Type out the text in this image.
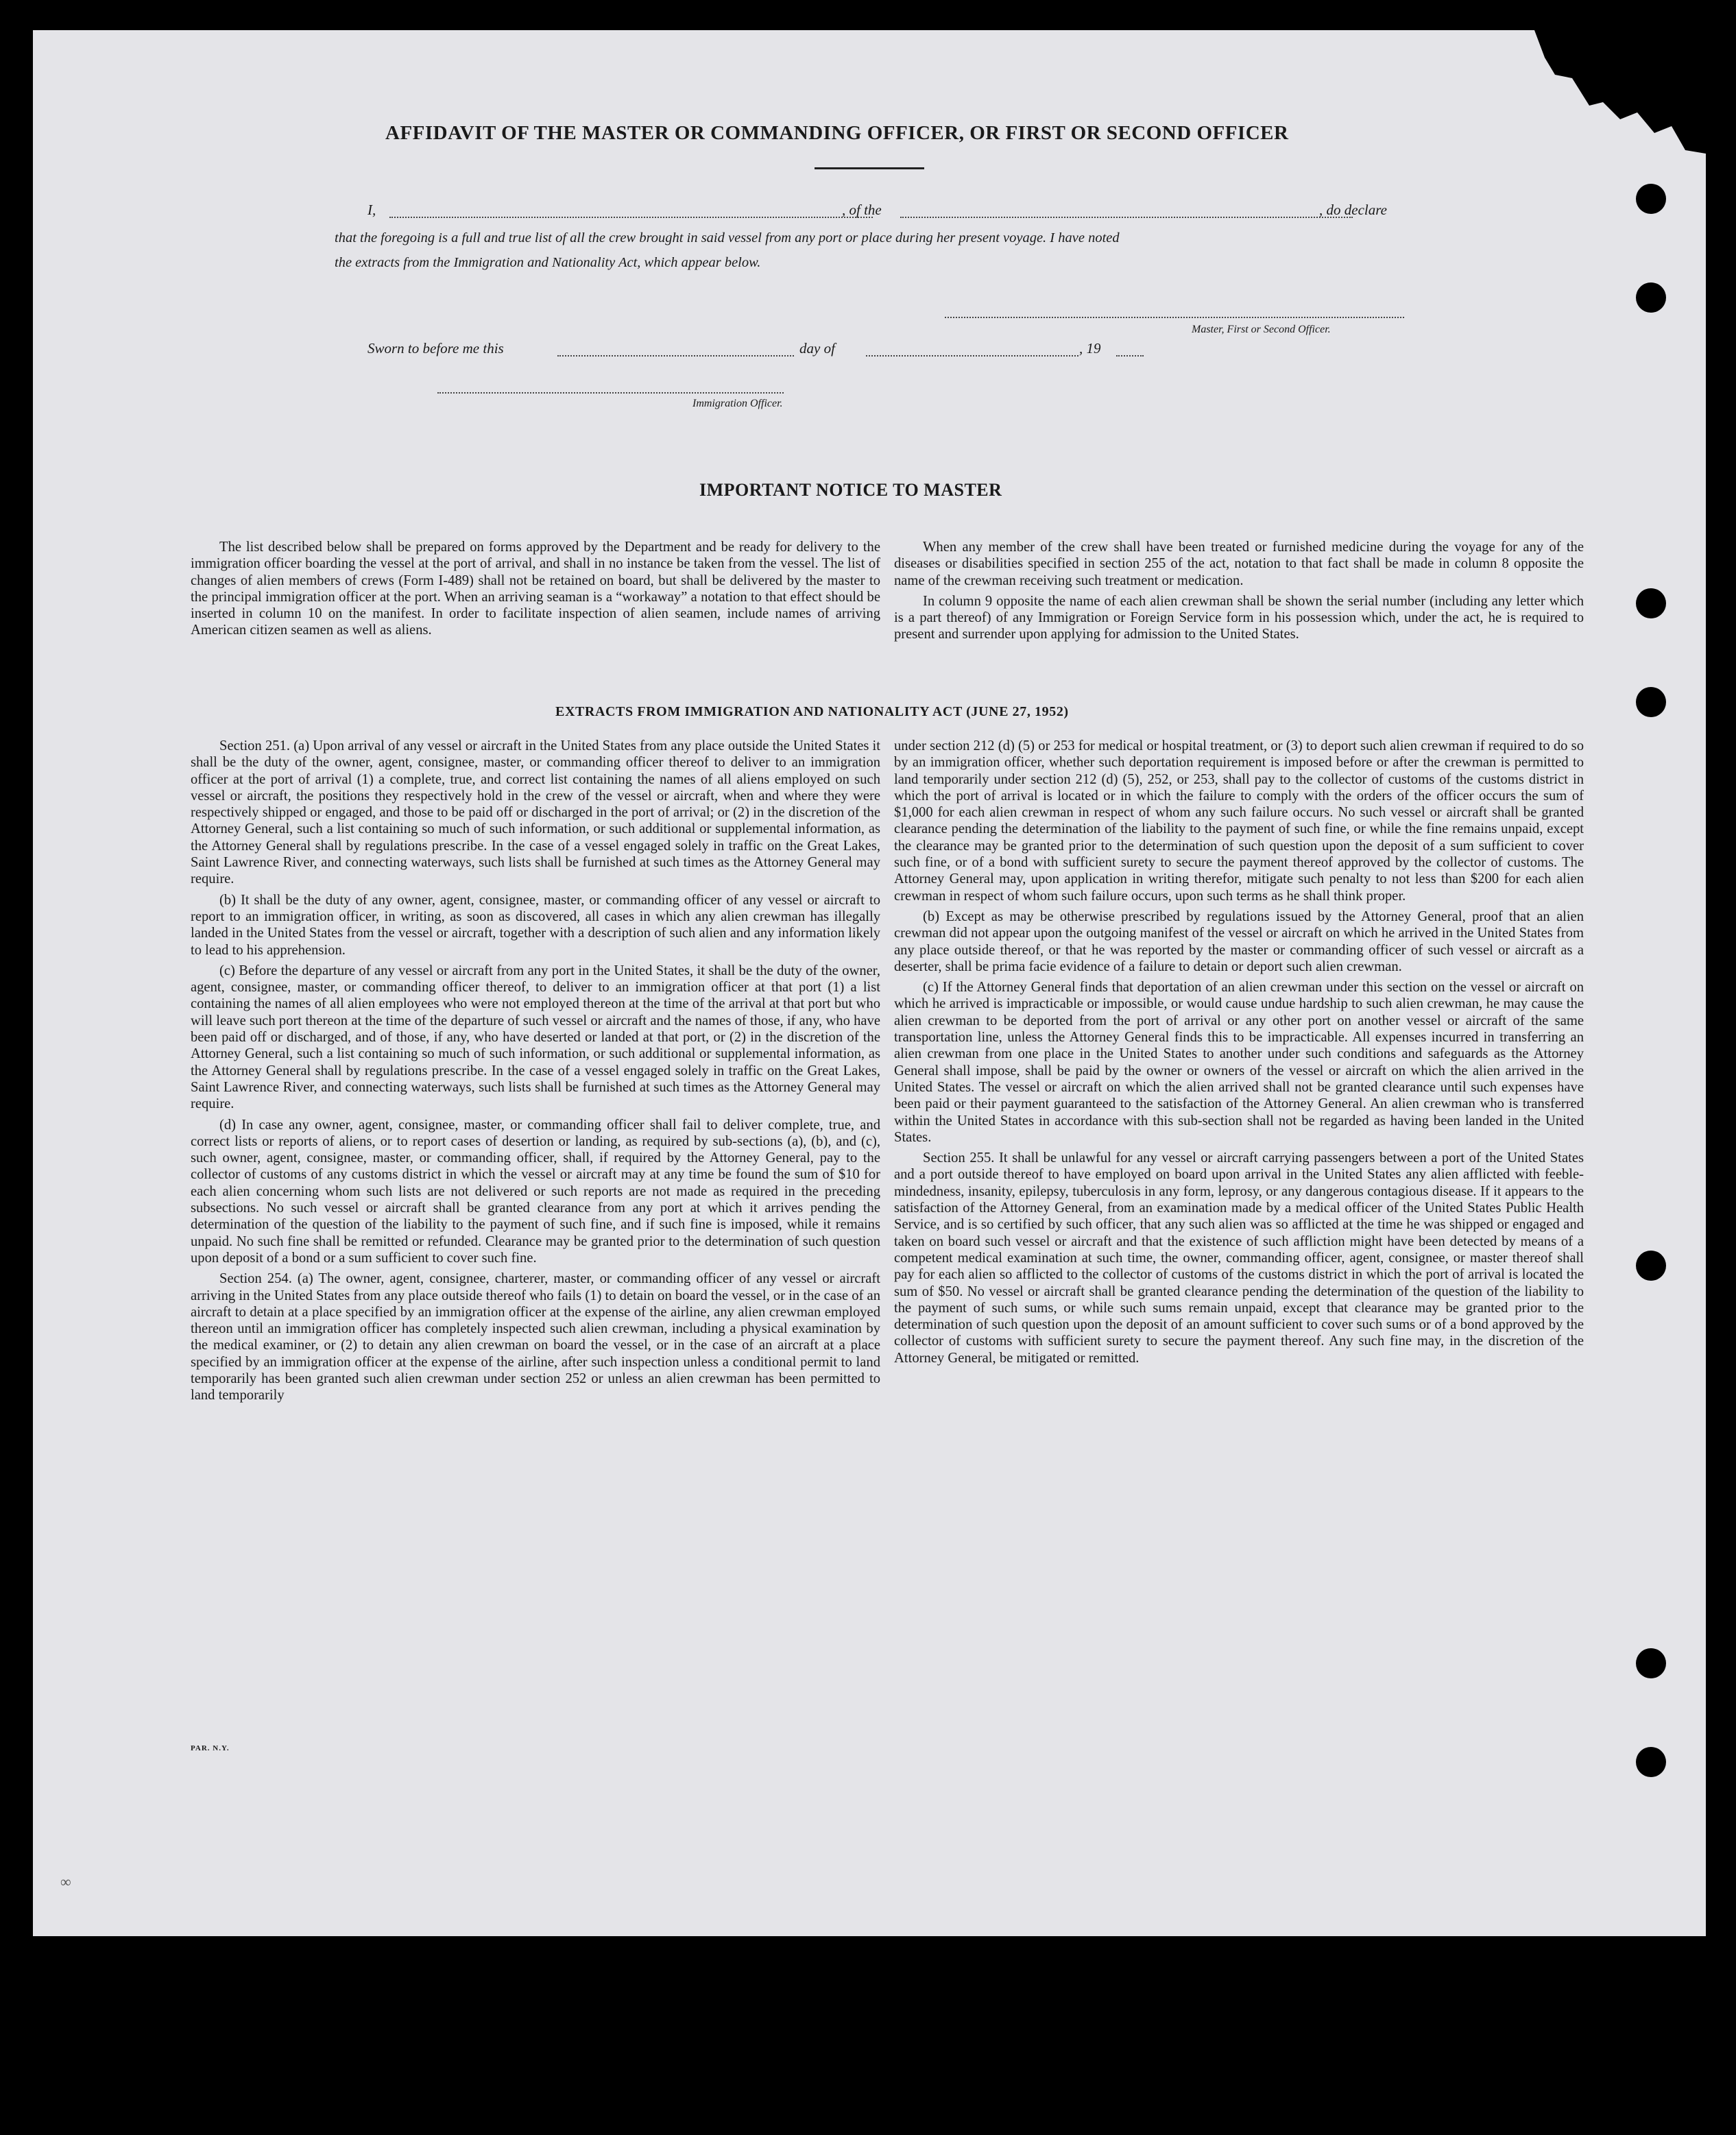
AFFIDAVIT OF THE MASTER OR COMMANDING OFFICER, OR FIRST OR SECOND OFFICER
I,	, of the	, do declare
that the foregoing is a full and true list of all the crew brought in said vessel from any port or place during her present voyage. I have noted
the extracts from the Immigration and Nationality Act, which appear below.
Master, First or Second Officer.
Sworn to before me this	day of	, 19
Immigration Officer.
IMPORTANT NOTICE TO MASTER

The list described below shall be prepared on forms approved by the Department and be ready for delivery to the immigration officer boarding the vessel at the port of arrival, and shall in no instance be taken from the vessel. The list of changes of alien members of crews (Form I-489) shall not be retained on board, but shall be delivered by the master to the principal immigration officer at the port. When an arriving seaman is a “workaway” a notation to that effect should be inserted in column 10 on the manifest. In order to facilitate inspection of alien seamen, include names of arriving American citizen seamen as well as aliens.

When any member of the crew shall have been treated or furnished medicine during the voyage for any of the diseases or disabilities specified in section 255 of the act, notation to that fact shall be made in column 8 opposite the name of the crewman receiving such treatment or medication.

In column 9 opposite the name of each alien crewman shall be shown the serial number (including any letter which is a part thereof) of any Immigration or Foreign Service form in his possession which, under the act, he is required to present and surrender upon applying for admission to the United States.

EXTRACTS FROM IMMIGRATION AND NATIONALITY ACT (JUNE 27, 1952)

Section 251. (a) Upon arrival of any vessel or aircraft in the United States from any place outside the United States it shall be the duty of the owner, agent, consignee, master, or commanding officer thereof to deliver to an immigration officer at the port of arrival (1) a complete, true, and correct list containing the names of all aliens employed on such vessel or aircraft, the positions they respectively hold in the crew of the vessel or aircraft, when and where they were respectively shipped or engaged, and those to be paid off or discharged in the port of arrival; or (2) in the discretion of the Attorney General, such a list containing so much of such information, or such additional or supplemental information, as the Attorney General shall by regulations prescribe. In the case of a vessel engaged solely in traffic on the Great Lakes, Saint Lawrence River, and connecting waterways, such lists shall be furnished at such times as the Attorney General may require.

(b) It shall be the duty of any owner, agent, consignee, master, or commanding officer of any vessel or aircraft to report to an immigration officer, in writing, as soon as discovered, all cases in which any alien crewman has illegally landed in the United States from the vessel or aircraft, together with a description of such alien and any information likely to lead to his apprehension.

(c) Before the departure of any vessel or aircraft from any port in the United States, it shall be the duty of the owner, agent, consignee, master, or commanding officer thereof, to deliver to an immigration officer at that port (1) a list containing the names of all alien employees who were not employed thereon at the time of the arrival at that port but who will leave such port thereon at the time of the departure of such vessel or aircraft and the names of those, if any, who have been paid off or discharged, and of those, if any, who have deserted or landed at that port, or (2) in the discretion of the Attorney General, such a list containing so much of such information, or such additional or supplemental information, as the Attorney General shall by regulations prescribe. In the case of a vessel engaged solely in traffic on the Great Lakes, Saint Lawrence River, and connecting waterways, such lists shall be furnished at such times as the Attorney General may require.

(d) In case any owner, agent, consignee, master, or commanding officer shall fail to deliver complete, true, and correct lists or reports of aliens, or to report cases of desertion or landing, as required by sub-sections (a), (b), and (c), such owner, agent, consignee, master, or commanding officer, shall, if required by the Attorney General, pay to the collector of customs of any customs district in which the vessel or aircraft may at any time be found the sum of $10 for each alien concerning whom such lists are not delivered or such reports are not made as required in the preceding subsections. No such vessel or aircraft shall be granted clearance from any port at which it arrives pending the determination of the question of the liability to the payment of such fine, and if such fine is imposed, while it remains unpaid. No such fine shall be remitted or refunded. Clearance may be granted prior to the determination of such question upon deposit of a bond or a sum sufficient to cover such fine.

Section 254. (a) The owner, agent, consignee, charterer, master, or commanding officer of any vessel or aircraft arriving in the United States from any place outside thereof who fails (1) to detain on board the vessel, or in the case of an aircraft to detain at a place specified by an immigration officer at the expense of the airline, any alien crewman employed thereon until an immigration officer has completely inspected such alien crewman, including a physical examination by the medical examiner, or (2) to detain any alien crewman on board the vessel, or in the case of an aircraft at a place specified by an immigration officer at the expense of the airline, after such inspection unless a conditional permit to land temporarily has been granted such alien crewman under section 252 or unless an alien crewman has been permitted to land temporarily

under section 212 (d) (5) or 253 for medical or hospital treatment, or (3) to deport such alien crewman if required to do so by an immigration officer, whether such deportation requirement is imposed before or after the crewman is permitted to land temporarily under section 212 (d) (5), 252, or 253, shall pay to the collector of customs of the customs district in which the port of arrival is located or in which the failure to comply with the orders of the officer occurs the sum of $1,000 for each alien crewman in respect of whom any such failure occurs. No such vessel or aircraft shall be granted clearance pending the determination of the liability to the payment of such fine, or while the fine remains unpaid, except the clearance may be granted prior to the determination of such question upon the deposit of a sum sufficient to cover such fine, or of a bond with sufficient surety to secure the payment thereof approved by the collector of customs. The Attorney General may, upon application in writing therefor, mitigate such penalty to not less than $200 for each alien crewman in respect of whom such failure occurs, upon such terms as he shall think proper.

(b) Except as may be otherwise prescribed by regulations issued by the Attorney General, proof that an alien crewman did not appear upon the outgoing manifest of the vessel or aircraft on which he arrived in the United States from any place outside thereof, or that he was reported by the master or commanding officer of such vessel or aircraft as a deserter, shall be prima facie evidence of a failure to detain or deport such alien crewman.

(c) If the Attorney General finds that deportation of an alien crewman under this section on the vessel or aircraft on which he arrived is impracticable or impossible, or would cause undue hardship to such alien crewman, he may cause the alien crewman to be deported from the port of arrival or any other port on another vessel or aircraft of the same transportation line, unless the Attorney General finds this to be impracticable. All expenses incurred in transferring an alien crewman from one place in the United States to another under such conditions and safeguards as the Attorney General shall impose, shall be paid by the owner or owners of the vessel or aircraft on which the alien arrived in the United States. The vessel or aircraft on which the alien arrived shall not be granted clearance until such expenses have been paid or their payment guaranteed to the satisfaction of the Attorney General. An alien crewman who is transferred within the United States in accordance with this sub-section shall not be regarded as having been landed in the United States.

Section 255. It shall be unlawful for any vessel or aircraft carrying passengers between a port of the United States and a port outside thereof to have employed on board upon arrival in the United States any alien afflicted with feeble-mindedness, insanity, epilepsy, tuberculosis in any form, leprosy, or any dangerous contagious disease. If it appears to the satisfaction of the Attorney General, from an examination made by a medical officer of the United States Public Health Service, and is so certified by such officer, that any such alien was so afflicted at the time he was shipped or engaged and taken on board such vessel or aircraft and that the existence of such affliction might have been detected by means of a competent medical examination at such time, the owner, commanding officer, agent, consignee, or master thereof shall pay for each alien so afflicted to the collector of customs of the customs district in which the port of arrival is located the sum of $50. No vessel or aircraft shall be granted clearance pending the determination of the question of the liability to the payment of such sums, or while such sums remain unpaid, except that clearance may be granted prior to the determination of such question upon the deposit of an amount sufficient to cover such sums or of a bond approved by the collector of customs with sufficient surety to secure the payment thereof. Any such fine may, in the discretion of the Attorney General, be mitigated or remitted.

PAR. N.Y.
∞
